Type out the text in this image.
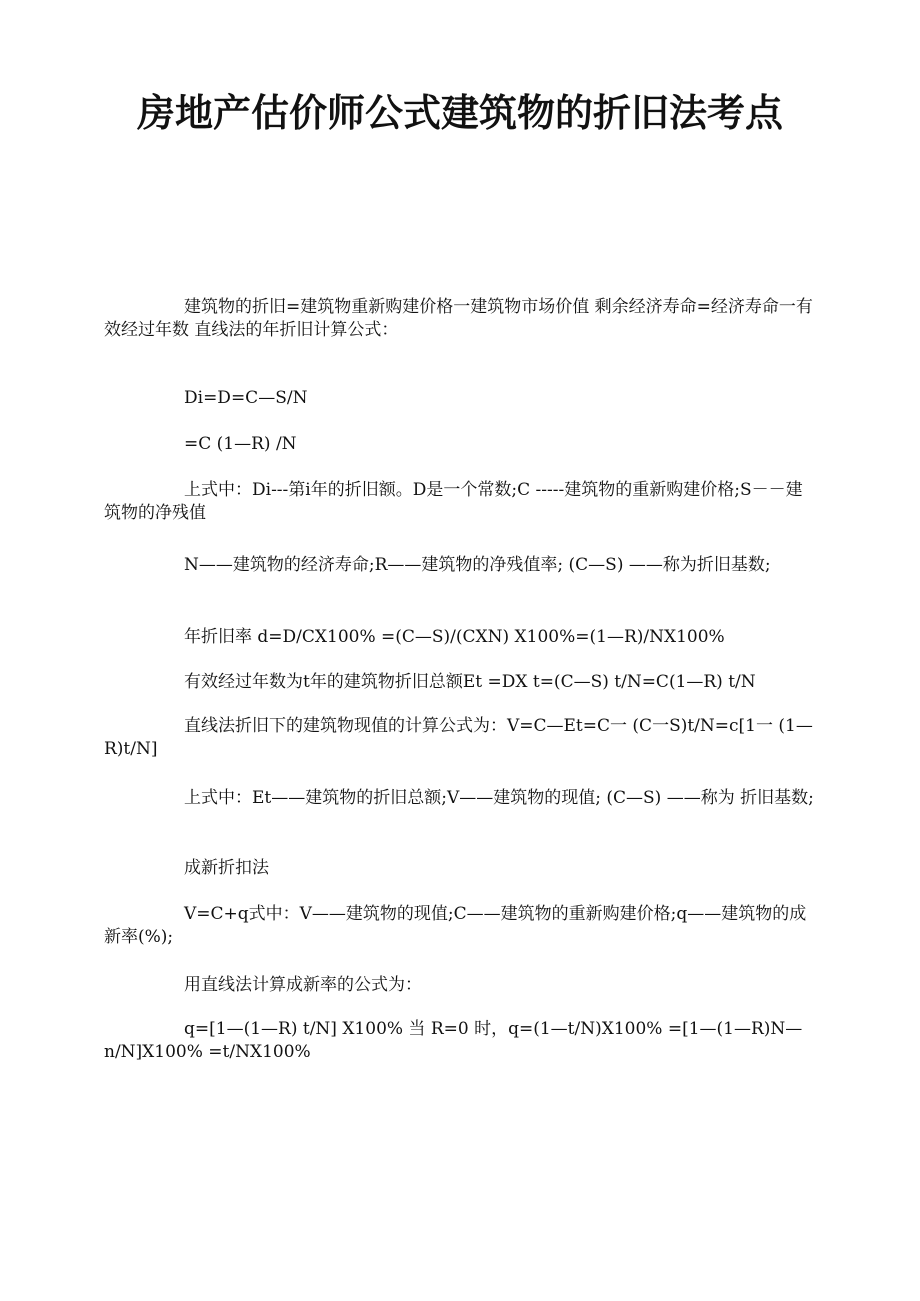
房地产估价师公式建筑物的折旧法考点

建筑物的折旧=建筑物重新购建价格一建筑物市场价值 剩余经济寿命=经济寿命一有效经过年数 直线法的年折旧计算公式：

Di=D=C—S/N

=C (1—R) /N

上式中：Di---第i年的折旧额。D是一个常数;C -----建筑物的重新购建价格;S－－建筑物的净残值

N——建筑物的经济寿命;R——建筑物的净残值率; (C—S) ——称为折旧基数;

年折旧率 d=D/CX100% =(C—S)/(CXN) X100%=(1—R)/NX100%

有效经过年数为t年的建筑物折旧总额Et =DX t=(C—S) t/N=C(1—R) t/N

直线法折旧下的建筑物现值的计算公式为：V=C—Et=C一 (C一S)t/N=c[1一 (1—R)t/N]

上式中：Et——建筑物的折旧总额;V——建筑物的现值; (C—S) ——称为 折旧基数;

成新折扣法

V=C+q式中：V——建筑物的现值;C——建筑物的重新购建价格;q——建筑物的成新率(%);

用直线法计算成新率的公式为：

q=[1—(1—R) t/N] X100% 当 R=0 时，q=(1—t/N)X100% =[1—(1—R)N—n/N]X100% =t/NX100%
